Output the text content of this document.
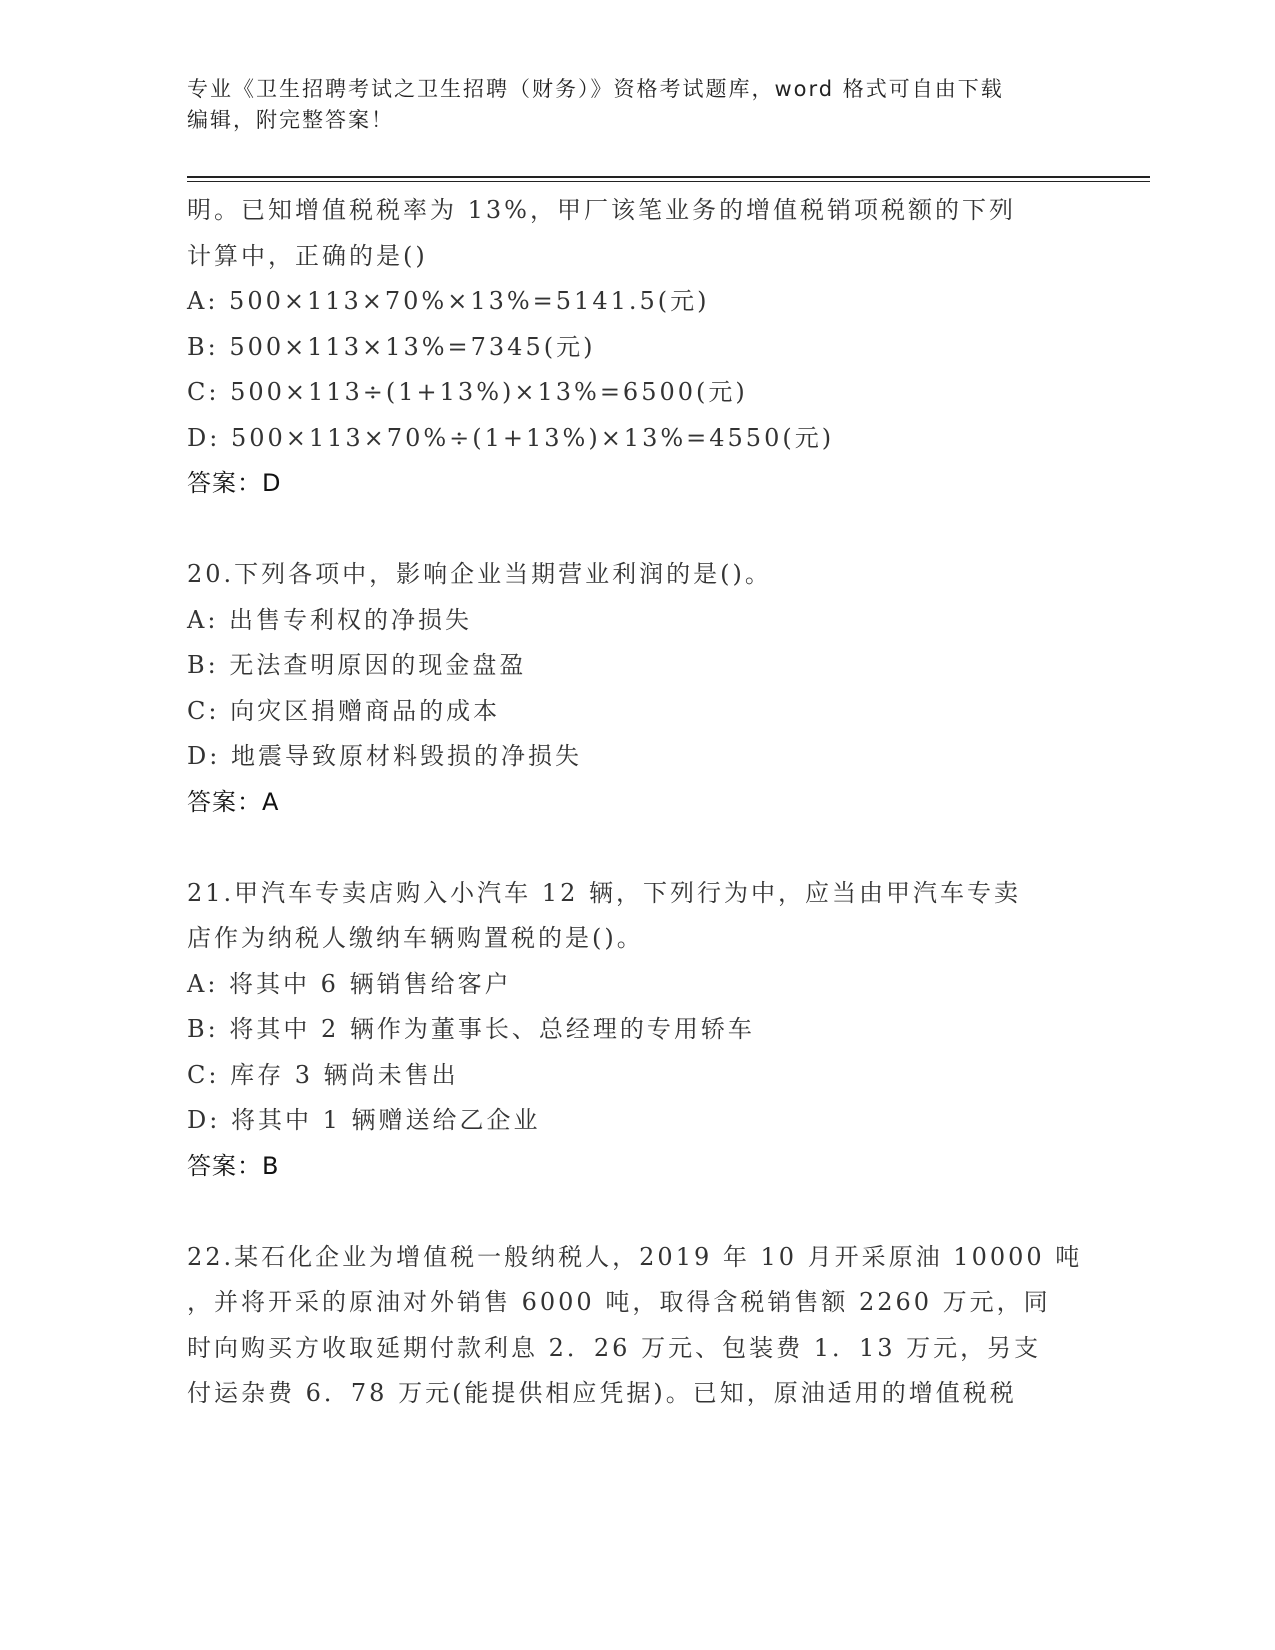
专业《卫生招聘考试之卫生招聘（财务）》资格考试题库，word 格式可自由下载
编辑，附完整答案！
明。已知增值税税率为 13%，甲厂该笔业务的增值税销项税额的下列
计算中，正确的是()
A: 500×113×70%×13%=5141.5(元)
B: 500×113×13%=7345(元)
C: 500×113÷(1+13%)×13%=6500(元)
D: 500×113×70%÷(1+13%)×13%=4550(元)
答案：D
20.下列各项中，影响企业当期营业利润的是()。
A: 出售专利权的净损失
B: 无法查明原因的现金盘盈
C: 向灾区捐赠商品的成本
D: 地震导致原材料毁损的净损失
答案：A
21.甲汽车专卖店购入小汽车 12 辆，下列行为中，应当由甲汽车专卖
店作为纳税人缴纳车辆购置税的是()。
A: 将其中 6 辆销售给客户
B: 将其中 2 辆作为董事长、总经理的专用轿车
C: 库存 3 辆尚未售出
D: 将其中 1 辆赠送给乙企业
答案：B
22.某石化企业为增值税一般纳税人，2019 年 10 月开采原油 10000 吨
，并将开采的原油对外销售 6000 吨，取得含税销售额 2260 万元，同
时向购买方收取延期付款利息 2．26 万元、包装费 1．13 万元，另支
付运杂费 6．78 万元(能提供相应凭据)。已知，原油适用的增值税税
